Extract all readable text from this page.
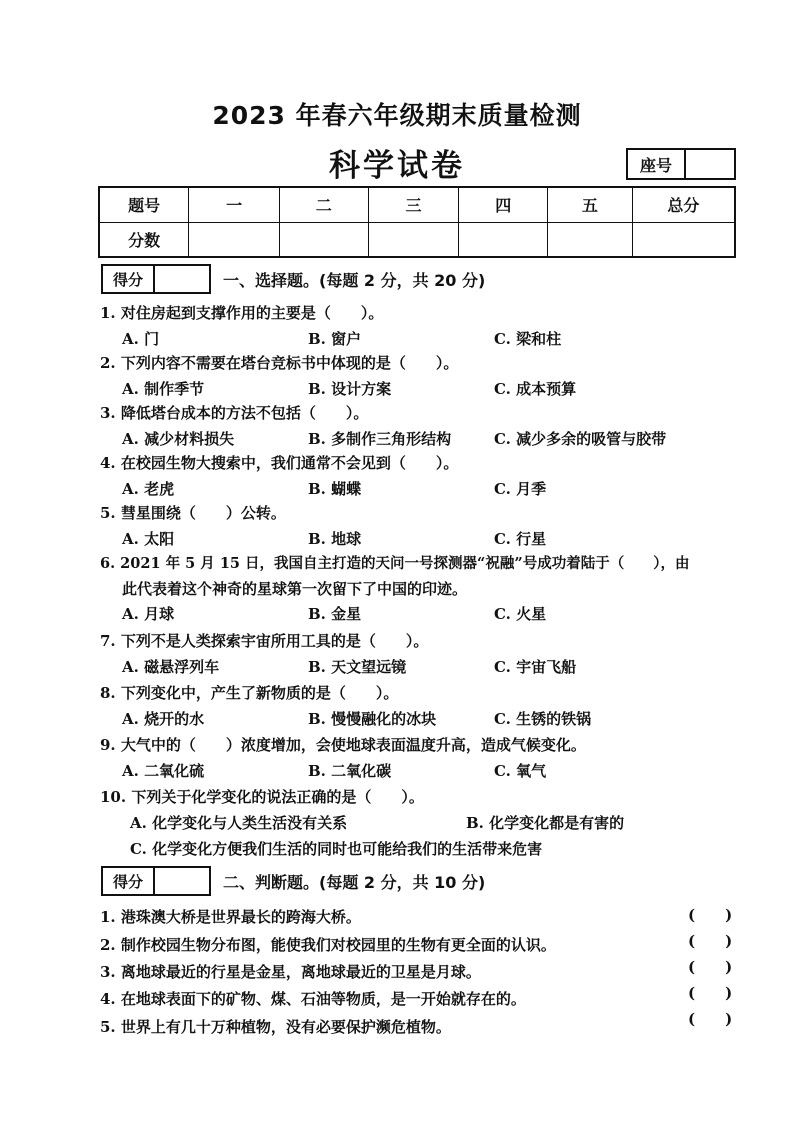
2023 年春六年级期末质量检测
科学试卷	座号
题号	一	二	三	四	五	总分
分数						
得分	一、选择题。(每题 2 分，共 20 分)
1. 对住房起到支撑作用的主要是（　　）。
A. 门	B. 窗户	C. 梁和柱
2. 下列内容不需要在塔台竞标书中体现的是（　　）。
A. 制作季节	B. 设计方案	C. 成本预算
3. 降低塔台成本的方法不包括（　　）。
A. 减少材料损失	B. 多制作三角形结构	C. 减少多余的吸管与胶带
4. 在校园生物大搜索中，我们通常不会见到（　　）。
A. 老虎	B. 蝴蝶	C. 月季
5. 彗星围绕（　　）公转。
A. 太阳	B. 地球	C. 行星
6. 2021 年 5 月 15 日，我国自主打造的天问一号探测器“祝融”号成功着陆于（　　），由
此代表着这个神奇的星球第一次留下了中国的印迹。
A. 月球	B. 金星	C. 火星
7. 下列不是人类探索宇宙所用工具的是（　　）。
A. 磁悬浮列车	B. 天文望远镜	C. 宇宙飞船
8. 下列变化中，产生了新物质的是（　　）。
A. 烧开的水	B. 慢慢融化的冰块	C. 生锈的铁锅
9. 大气中的（　　）浓度增加，会使地球表面温度升高，造成气候变化。
A. 二氧化硫	B. 二氧化碳	C. 氧气
10. 下列关于化学变化的说法正确的是（　　）。
A. 化学变化与人类生活没有关系	B. 化学变化都是有害的
C. 化学变化方便我们生活的同时也可能给我们的生活带来危害
得分	二、判断题。(每题 2 分，共 10 分)
1. 港珠澳大桥是世界最长的跨海大桥。	(　　)
2. 制作校园生物分布图，能使我们对校园里的生物有更全面的认识。	(　　)
3. 离地球最近的行星是金星，离地球最近的卫星是月球。	(　　)
4. 在地球表面下的矿物、煤、石油等物质，是一开始就存在的。	(　　)
5. 世界上有几十万种植物，没有必要保护濒危植物。	(　　)
